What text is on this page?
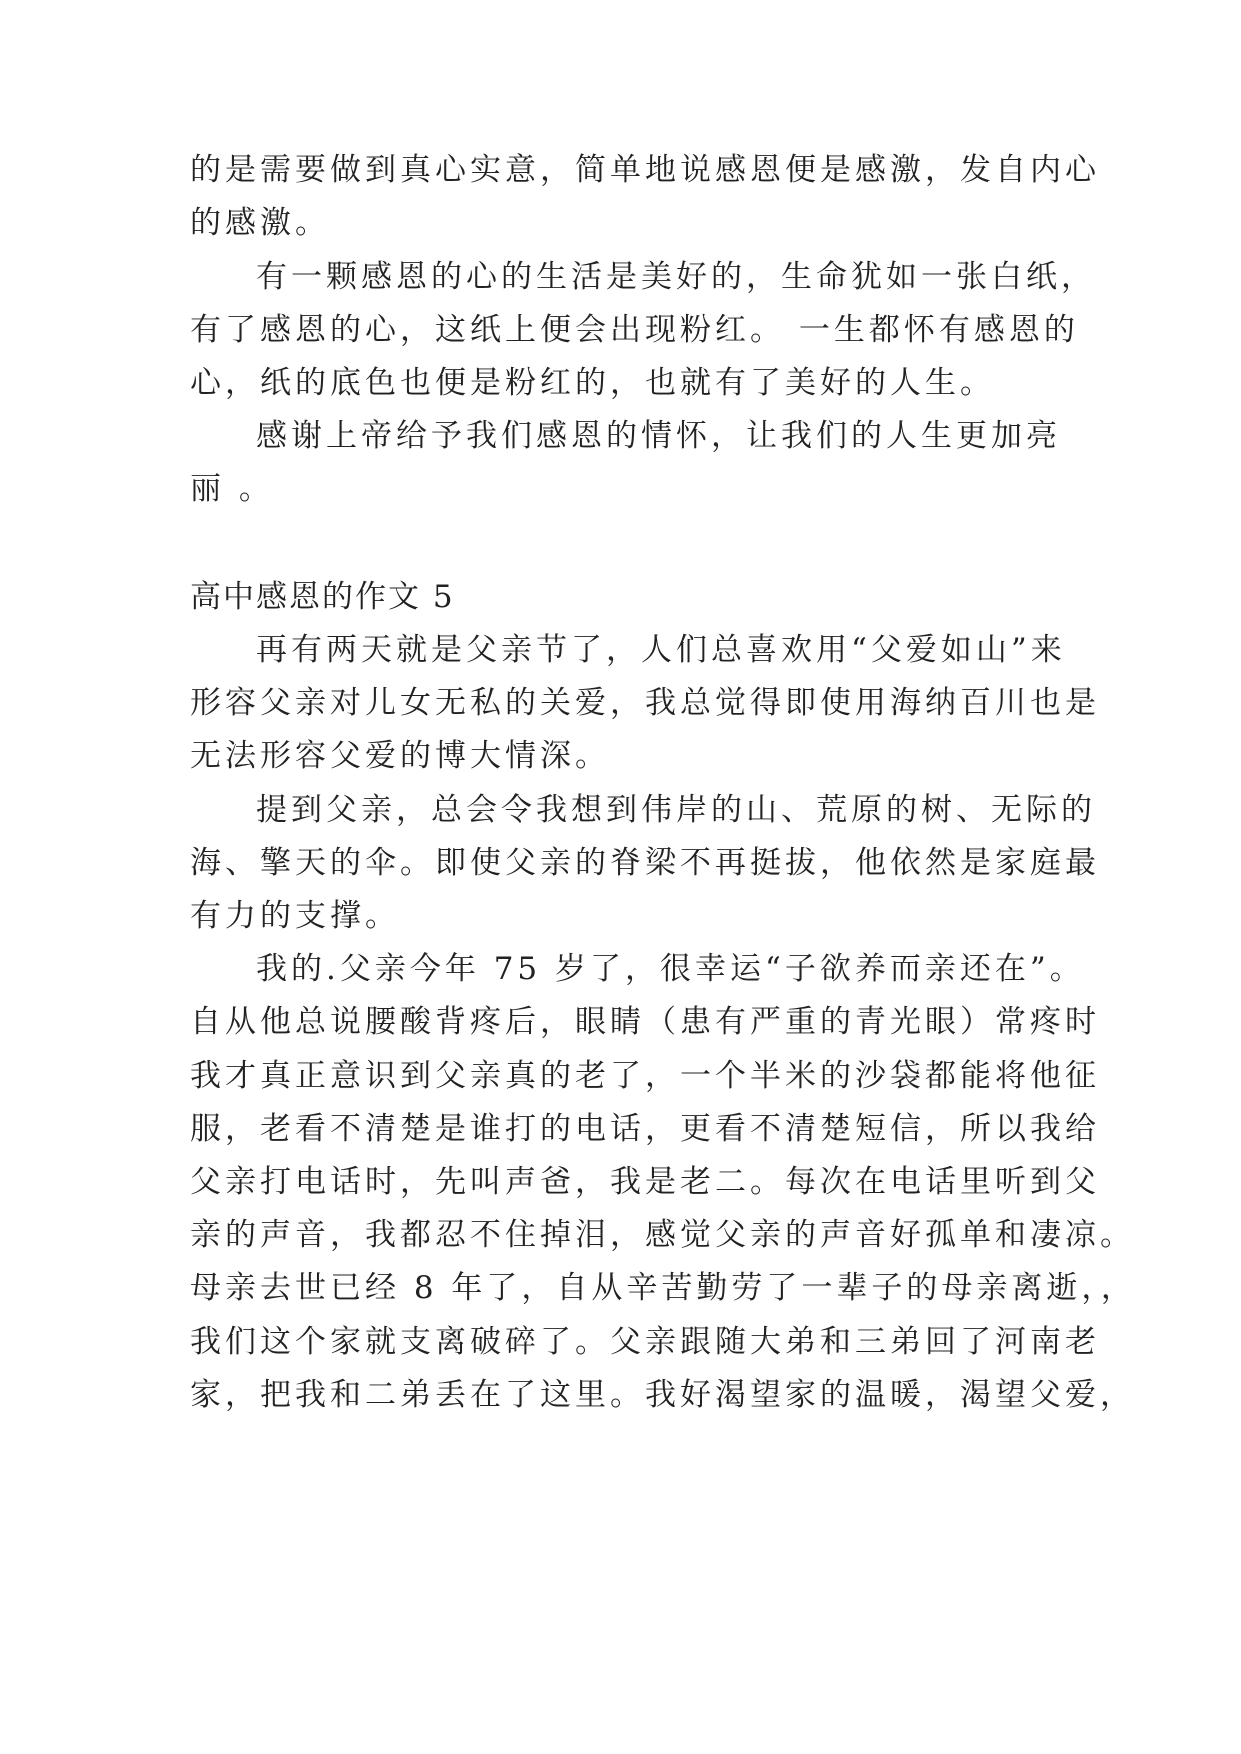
的是需要做到真心实意，简单地说感恩便是感激，发自内心
的感激。
有一颗感恩的心的生活是美好的，生命犹如一张白纸，
有了感恩的心，这纸上便会出现粉红。 一生都怀有感恩的
心，纸的底色也便是粉红的，也就有了美好的人生。
感谢上帝给予我们感恩的情怀，让我们的人生更加亮
丽 。
高中感恩的作文 5
再有两天就是父亲节了，人们总喜欢用“父爱如山”来
形容父亲对儿女无私的关爱，我总觉得即使用海纳百川也是
无法形容父爱的博大情深。
提到父亲，总会令我想到伟岸的山、荒原的树、无际的
海、擎天的伞。即使父亲的脊梁不再挺拔，他依然是家庭最
有力的支撑。
我的.父亲今年 75 岁了，很幸运“子欲养而亲还在”。
自从他总说腰酸背疼后，眼睛（患有严重的青光眼）常疼时
我才真正意识到父亲真的老了，一个半米的沙袋都能将他征
服，老看不清楚是谁打的电话，更看不清楚短信，所以我给
父亲打电话时，先叫声爸，我是老二。每次在电话里听到父
亲的声音，我都忍不住掉泪，感觉父亲的声音好孤单和凄凉。
母亲去世已经 8 年了，自从辛苦勤劳了一辈子的母亲离逝，，
我们这个家就支离破碎了。父亲跟随大弟和三弟回了河南老
家，把我和二弟丢在了这里。我好渴望家的温暖，渴望父爱，
